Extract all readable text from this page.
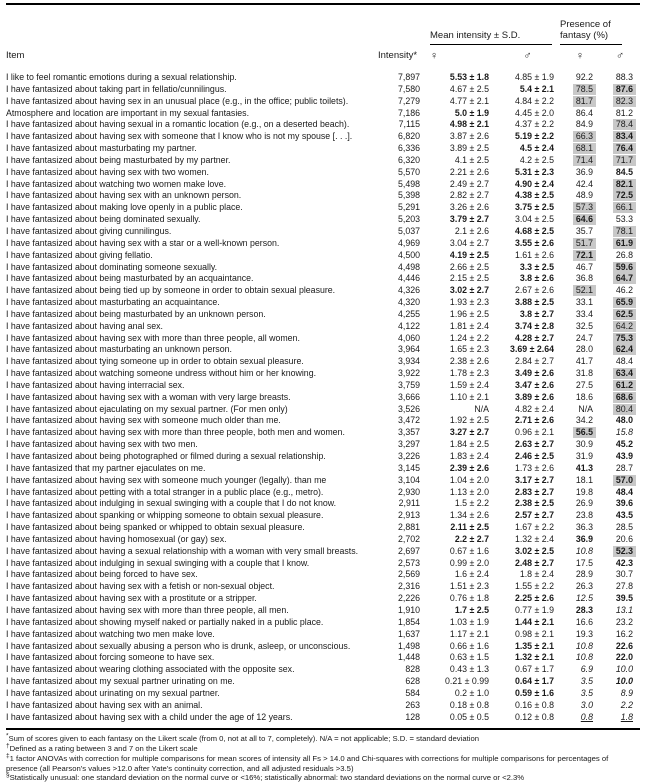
Item	Intensity*	Mean intensity ± S.D.		Presence of fantasy (%)	

		♀	♂	♀	♂
I like to feel romantic emotions during a sexual relationship.	7,897	5.53 ± 1.8	4.85 ± 1.9	92.2	88.3
I have fantasized about taking part in fellatio/cunnilingus.	7,580	4.67 ± 2.5	5.4 ± 2.1	78.5	87.6
I have fantasized about having sex in an unusual place (e.g., in the office; public toilets).	7,279	4.77 ± 2.1	4.84 ± 2.2	81.7	82.3
Atmosphere and location are important in my sexual fantasies.	7,186	5.0 ± 1.9	4.45 ± 2.0	86.4	81.2
I have fantasized about having sexual in a romantic location (e.g., on a deserted beach).	7,115	4.98 ± 2.1	4.37 ± 2.2	84.9	78.4
I have fantasized about having sex with someone that I know who is not my spouse [. . .].	6,820	3.87 ± 2.6	5.19 ± 2.2	66.3	83.4
I have fantasized about masturbating my partner.	6,336	3.89 ± 2.5	4.5 ± 2.4	68.1	76.4
I have fantasized about being masturbated by my partner.	6,320	4.1 ± 2.5	4.2 ± 2.5	71.4	71.7
I have fantasized about having sex with two women.	5,570	2.21 ± 2.6	5.31 ± 2.3	36.9	84.5
I have fantasized about watching two women make love.	5,498	2.49 ± 2.7	4.90 ± 2.4	42.4	82.1
I have fantasized about having sex with an unknown person.	5,398	2.82 ± 2.7	4.38 ± 2.5	48.9	72.5
I have fantasized about making love openly in a public place.	5,291	3.26 ± 2.6	3.75 ± 2.5	57.3	66.1
I have fantasized about being dominated sexually.	5,203	3.79 ± 2.7	3.04 ± 2.5	64.6	53.3
I have fantasized about giving cunnilingus.	5,037	2.1 ± 2.6	4.68 ± 2.5	35.7	78.1
I have fantasized about having sex with a star or a well-known person.	4,969	3.04 ± 2.7	3.55 ± 2.6	51.7	61.9
I have fantasized about giving fellatio.	4,500	4.19 ± 2.5	1.61 ± 2.6	72.1	26.8
I have fantasized about dominating someone sexually.	4,498	2.66 ± 2.5	3.3 ± 2.5	46.7	59.6
I have fantasized about being masturbated by an acquaintance.	4,446	2.15 ± 2.5	3.8 ± 2.6	36.8	64.7
I have fantasized about being tied up by someone in order to obtain sexual pleasure.	4,326	3.02 ± 2.7	2.67 ± 2.6	52.1	46.2
I have fantasized about masturbating an acquaintance.	4,320	1.93 ± 2.3	3.88 ± 2.5	33.1	65.9
I have fantasized about being masturbated by an unknown person.	4,255	1.96 ± 2.5	3.8 ± 2.7	33.4	62.5
I have fantasized about having anal sex.	4,122	1.81 ± 2.4	3.74 ± 2.8	32.5	64.2
I have fantasized about having sex with more than three people, all women.	4,060	1.24 ± 2.2	4.28 ± 2.7	24.7	75.3
I have fantasized about masturbating an unknown person.	3,964	1.65 ± 2.3	3.69 ± 2.64	28.0	62.4
I have fantasized about tying someone up in order to obtain sexual pleasure.	3,934	2.38 ± 2.6	2.84 ± 2.7	41.7	48.4
I have fantasized about watching someone undress without him or her knowing.	3,922	1.78 ± 2.3	3.49 ± 2.6	31.8	63.4
I have fantasized about having interracial sex.	3,759	1.59 ± 2.4	3.47 ± 2.6	27.5	61.2
I have fantasized about having sex with a woman with very large breasts.	3,666	1.10 ± 2.1	3.89 ± 2.6	18.6	68.6
I have fantasized about ejaculating on my sexual partner. (For men only)	3,526	N/A	4.82 ± 2.4	N/A	80.4
I have fantasized about having sex with someone much older than me.	3,472	1.92 ± 2.5	2.71 ± 2.6	34.2	48.0
I have fantasized about having sex with more than three people, both men and women.	3,357	3.27 ± 2.7	0.96 ± 2.1	56.5	15.8
I have fantasized about having sex with two men.	3,297	1.84 ± 2.5	2.63 ± 2.7	30.9	45.2
I have fantasized about being photographed or filmed during a sexual relationship.	3,226	1.83 ± 2.4	2.46 ± 2.5	31.9	43.9
I have fantasized that my partner ejaculates on me.	3,145	2.39 ± 2.6	1.73 ± 2.6	41.3	28.7
I have fantasized about having sex with someone much younger (legally). than me	3,104	1.04 ± 2.0	3.17 ± 2.7	18.1	57.0
I have fantasized about petting with a total stranger in a public place (e.g., metro).	2,930	1.13 ± 2.0	2.83 ± 2.7	19.8	48.4
I have fantasized about indulging in sexual swinging with a couple that I do not know.	2,911	1.5 ± 2.2	2.38 ± 2.5	26.9	39.6
I have fantasized about spanking or whipping someone to obtain sexual pleasure.	2,913	1.34 ± 2.6	2.57 ± 2.7	23.8	43.5
I have fantasized about being spanked or whipped to obtain sexual pleasure.	2,881	2.11 ± 2.5	1.67 ± 2.2	36.3	28.5
I have fantasized about having homosexual (or gay) sex.	2,702	2.2 ± 2.7	1.32 ± 2.4	36.9	20.6
I have fantasized about having a sexual relationship with a woman with very small breasts.	2,697	0.67 ± 1.6	3.02 ± 2.5	10.8	52.3
I have fantasized about indulging in sexual swinging with a couple that I know.	2,573	0.99 ± 2.0	2.48 ± 2.7	17.5	42.3
I have fantasized about being forced to have sex.	2,569	1.6 ± 2.4	1.8 ± 2.4	28.9	30.7
I have fantasized about having sex with a fetish or non-sexual object.	2,316	1.51 ± 2.3	1.55 ± 2.2	26.3	27.8
I have fantasized about having sex with a prostitute or a stripper.	2,226	0.76 ± 1.8	2.25 ± 2.6	12.5	39.5
I have fantasized about having sex with more than three people, all men.	1,910	1.7 ± 2.5	0.77 ± 1.9	28.3	13.1
I have fantasized about showing myself naked or partially naked in a public place.	1,854	1.03 ± 1.9	1.44 ± 2.1	16.6	23.2
I have fantasized about watching two men make love.	1,637	1.17 ± 2.1	0.98 ± 2.1	19.3	16.2
I have fantasized about sexually abusing a person who is drunk, asleep, or unconscious.	1,498	0.66 ± 1.6	1.35 ± 2.1	10.8	22.6
I have fantasized about forcing someone to have sex.	1,448	0.63 ± 1.5	1.32 ± 2.1	10.8	22.0
I have fantasized about wearing clothing associated with the opposite sex.	828	0.43 ± 1.3	0.67 ± 1.7	6.9	10.0
I have fantasized about my sexual partner urinating on me.	628	0.21 ± 0.99	0.64 ± 1.7	3.5	10.0
I have fantasized about urinating on my sexual partner.	584	0.2 ± 1.0	0.59 ± 1.6	3.5	8.9
I have fantasized about having sex with an animal.	263	0.18 ± 0.8	0.16 ± 0.8	3.0	2.2
I have fantasized about having sex with a child under the age of 12 years.	128	0.05 ± 0.5	0.12 ± 0.8	0.8	1.8

*Sum of scores given to each fantasy on the Likert scale (from 0, not at all to 7, completely). N/A = not applicable; S.D. = standard deviation

†Defined as a rating between 3 and 7 on the Likert scale

‡1 factor ANOVAs with correction for multiple comparisons for mean scores of intensity all Fs > 14.0 and Chi-squares with corrections for multiple comparisons for percentages of presence (all Pearson's values >12.0 after Yate's continuity correction, and all adjusted residuals >3.5)

§Statistically unusual: one standard deviation on the normal curve or <16%; statistically abnormal: two standard deviations on the normal curve or <2.3%
